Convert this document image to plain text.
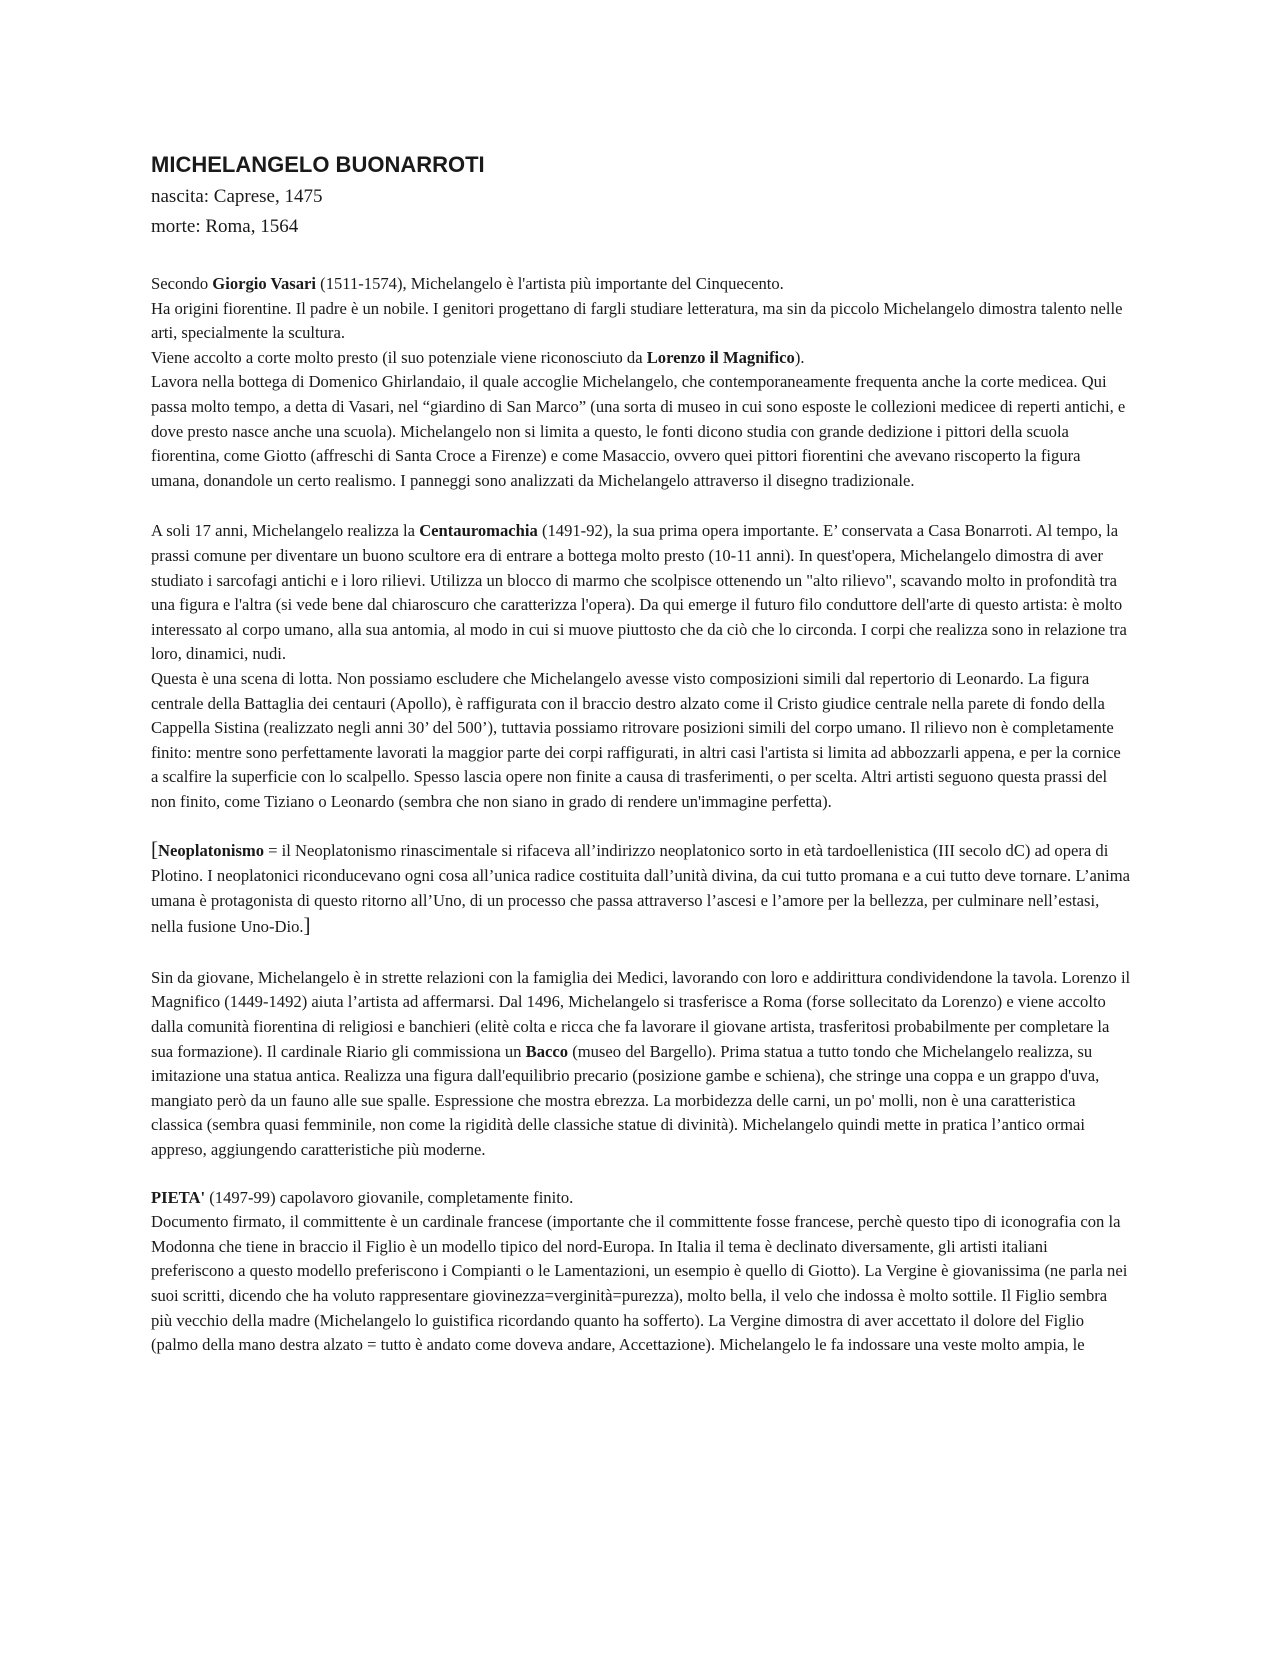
MICHELANGELO BUONARROTI

nascita: Caprese, 1475

morte: Roma, 1564

Secondo Giorgio Vasari (1511-1574), Michelangelo è l'artista più importante del Cinquecento.

Ha origini fiorentine. Il padre è un nobile. I genitori progettano di fargli studiare letteratura, ma sin da piccolo Michelangelo dimostra talento nelle arti, specialmente la scultura.

Viene accolto a corte molto presto (il suo potenziale viene riconosciuto da Lorenzo il Magnifico).

Lavora nella bottega di Domenico Ghirlandaio, il quale accoglie Michelangelo, che contemporaneamente frequenta anche la corte medicea. Qui passa molto tempo, a detta di Vasari, nel “giardino di San Marco” (una sorta di museo in cui sono esposte le collezioni medicee di reperti antichi, e dove presto nasce anche una scuola). Michelangelo non si limita a questo, le fonti dicono studia con grande dedizione i pittori della scuola fiorentina, come Giotto (affreschi di Santa Croce a Firenze) e come Masaccio, ovvero quei pittori fiorentini che avevano riscoperto la figura umana, donandole un certo realismo. I panneggi sono analizzati da Michelangelo attraverso il disegno tradizionale.

A soli 17 anni, Michelangelo realizza la Centauromachia (1491-92), la sua prima opera importante. E’ conservata a Casa Bonarroti. Al tempo, la prassi comune per diventare un buono scultore era di entrare a bottega molto presto (10-11 anni). In quest'opera, Michelangelo dimostra di aver studiato i sarcofagi antichi e i loro rilievi. Utilizza un blocco di marmo che scolpisce ottenendo un "alto rilievo", scavando molto in profondità tra una figura e l'altra (si vede bene dal chiaroscuro che caratterizza l'opera). Da qui emerge il futuro filo conduttore dell'arte di questo artista: è molto interessato al corpo umano, alla sua antomia, al modo in cui si muove piuttosto che da ciò che lo circonda. I corpi che realizza sono in relazione tra loro, dinamici, nudi.

Questa è una scena di lotta. Non possiamo escludere che Michelangelo avesse visto composizioni simili dal repertorio di Leonardo. La figura centrale della Battaglia dei centauri (Apollo), è raffigurata con il braccio destro alzato come il Cristo giudice centrale nella parete di fondo della Cappella Sistina (realizzato negli anni 30’ del 500’), tuttavia possiamo ritrovare posizioni simili del corpo umano. Il rilievo non è completamente finito: mentre sono perfettamente lavorati la maggior parte dei corpi raffigurati, in altri casi l'artista si limita ad abbozzarli appena, e per la cornice a scalfire la superficie con lo scalpello. Spesso lascia opere non finite a causa di trasferimenti, o per scelta. Altri artisti seguono questa prassi del non finito, come Tiziano o Leonardo (sembra che non siano in grado di rendere un'immagine perfetta).

[Neoplatonismo = il Neoplatonismo rinascimentale si rifaceva all’indirizzo neoplatonico sorto in età tardoellenistica (III secolo dC) ad opera di Plotino. I neoplatonici riconducevano ogni cosa all’unica radice costituita dall’unità divina, da cui tutto promana e a cui tutto deve tornare. L’anima umana è protagonista di questo ritorno all’Uno, di un processo che passa attraverso l’ascesi e l’amore per la bellezza, per culminare nell’estasi, nella fusione Uno-Dio.]

Sin da giovane, Michelangelo è in strette relazioni con la famiglia dei Medici, lavorando con loro e addirittura condividendone la tavola. Lorenzo il Magnifico (1449-1492) aiuta l’artista ad affermarsi. Dal 1496, Michelangelo si trasferisce a Roma (forse sollecitato da Lorenzo) e viene accolto dalla comunità fiorentina di religiosi e banchieri (elitè colta e ricca che fa lavorare il giovane artista, trasferitosi probabilmente per completare la sua formazione). Il cardinale Riario gli commissiona un Bacco (museo del Bargello). Prima statua a tutto tondo che Michelangelo realizza, su imitazione una statua antica. Realizza una figura dall'equilibrio precario (posizione gambe e schiena), che stringe una coppa e un grappo d'uva, mangiato però da un fauno alle sue spalle. Espressione che mostra ebrezza. La morbidezza delle carni, un po' molli, non è una caratteristica classica (sembra quasi femminile, non come la rigidità delle classiche statue di divinità). Michelangelo quindi mette in pratica l’antico ormai appreso, aggiungendo caratteristiche più moderne.

PIETA' (1497-99) capolavoro giovanile, completamente finito.

Documento firmato, il committente è un cardinale francese (importante che il committente fosse francese, perchè questo tipo di iconografia con la Modonna che tiene in braccio il Figlio è un modello tipico del nord-Europa. In Italia il tema è declinato diversamente, gli artisti italiani preferiscono a questo modello preferiscono i Compianti o le Lamentazioni, un esempio è quello di Giotto). La Vergine è giovanissima (ne parla nei suoi scritti, dicendo che ha voluto rappresentare giovinezza=verginità=purezza), molto bella, il velo che indossa è molto sottile. Il Figlio sembra più vecchio della madre (Michelangelo lo guistifica ricordando quanto ha sofferto). La Vergine dimostra di aver accettato il dolore del Figlio (palmo della mano destra alzato = tutto è andato come doveva andare, Accettazione). Michelangelo le fa indossare una veste molto ampia, le
